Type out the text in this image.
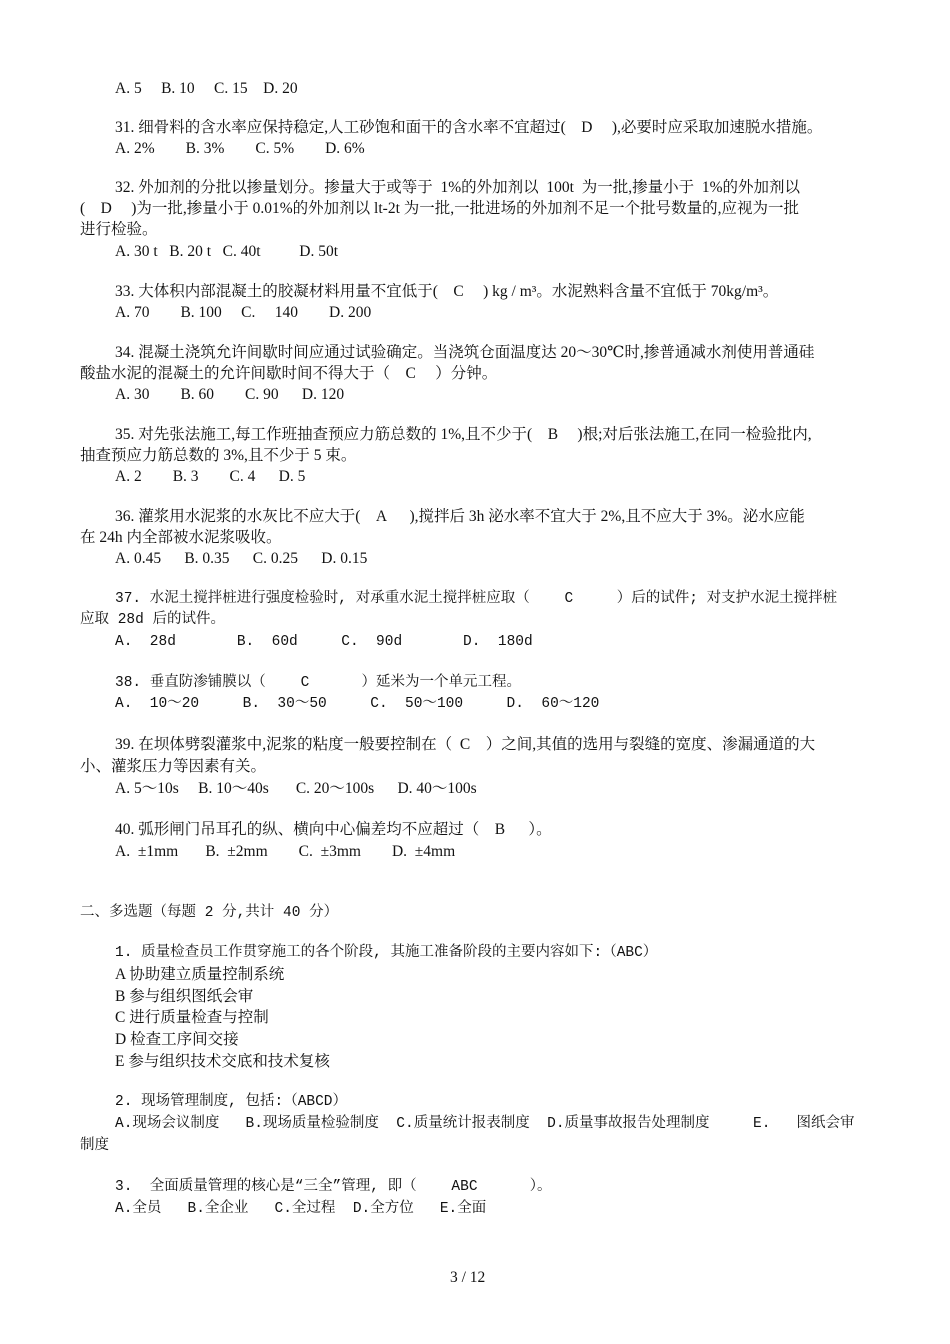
A. 5     B. 10     C. 15    D. 20
31. 细骨料的含水率应保持稳定,人工砂饱和面干的含水率不宜超过(    D     ),必要时应采取加速脱水措施。
A. 2%        B. 3%        C. 5%        D. 6%
32. 外加剂的分批以掺量划分。掺量大于或等于  1%的外加剂以  100t  为一批,掺量小于  1%的外加剂以
(    D     )为一批,掺量小于 0.01%的外加剂以 lt-2t 为一批,一批进场的外加剂不足一个批号数量的,应视为一批
进行检验。
A. 30 t   B. 20 t   C. 40t          D. 50t
33. 大体积内部混凝土的胶凝材料用量不宜低于(    C     ) kg / m³。水泥熟料含量不宜低于 70kg/m³。
A. 70        B. 100     C.     140        D. 200
34. 混凝土浇筑允许间歇时间应通过试验确定。当浇筑仓面温度达 20～30℃时,掺普通减水剂使用普通硅
酸盐水泥的混凝土的允许间歇时间不得大于（    C     ）分钟。
A. 30        B. 60        C. 90      D. 120
35. 对先张法施工,每工作班抽查预应力筋总数的 1%,且不少于(    B     )根;对后张法施工,在同一检验批内,
抽查预应力筋总数的 3%,且不少于 5 束。
A. 2        B. 3        C. 4      D. 5
36. 灌浆用水泥浆的水灰比不应大于(    A      ),搅拌后 3h 泌水率不宜大于 2%,且不应大于 3%。泌水应能
在 24h 内全部被水泥浆吸收。
A. 0.45      B. 0.35      C. 0.25      D. 0.15
37. 水泥土搅拌桩进行强度检验时, 对承重水泥土搅拌桩应取（    C     ）后的试件; 对支护水泥土搅拌桩
应取 28d 后的试件。
A.  28d       B.  60d     C.  90d       D.  180d
38. 垂直防渗铺膜以（    C      ）延米为一个单元工程。
A.  10～20     B.  30～50     C.  50～100     D.  60～120
39. 在坝体劈裂灌浆中,泥浆的粘度一般要控制在（  C    ）之间,其值的选用与裂缝的宽度、渗漏通道的大
小、灌浆压力等因素有关。
A. 5～10s     B. 10～40s       C. 20～100s      D. 40～100s
40. 弧形闸门吊耳孔的纵、横向中心偏差均不应超过（    B      ）。
A.  ±1mm       B.  ±2mm        C.  ±3mm        D.  ±4mm
二、多选题（每题 2 分,共计 40 分）
1. 质量检查员工作贯穿施工的各个阶段, 其施工准备阶段的主要内容如下:（ABC）
A 协助建立质量控制系统
B 参与组织图纸会审
C 进行质量检查与控制
D 检查工序间交接
E 参与组织技术交底和技术复核
2. 现场管理制度, 包括:（ABCD）
A.现场会议制度   B.现场质量检验制度  C.质量统计报表制度  D.质量事故报告处理制度     E.   图纸会审
制度
3.  全面质量管理的核心是“三全”管理, 即（    ABC      ）。
A.全员   B.全企业   C.全过程  D.全方位   E.全面
3 / 12
